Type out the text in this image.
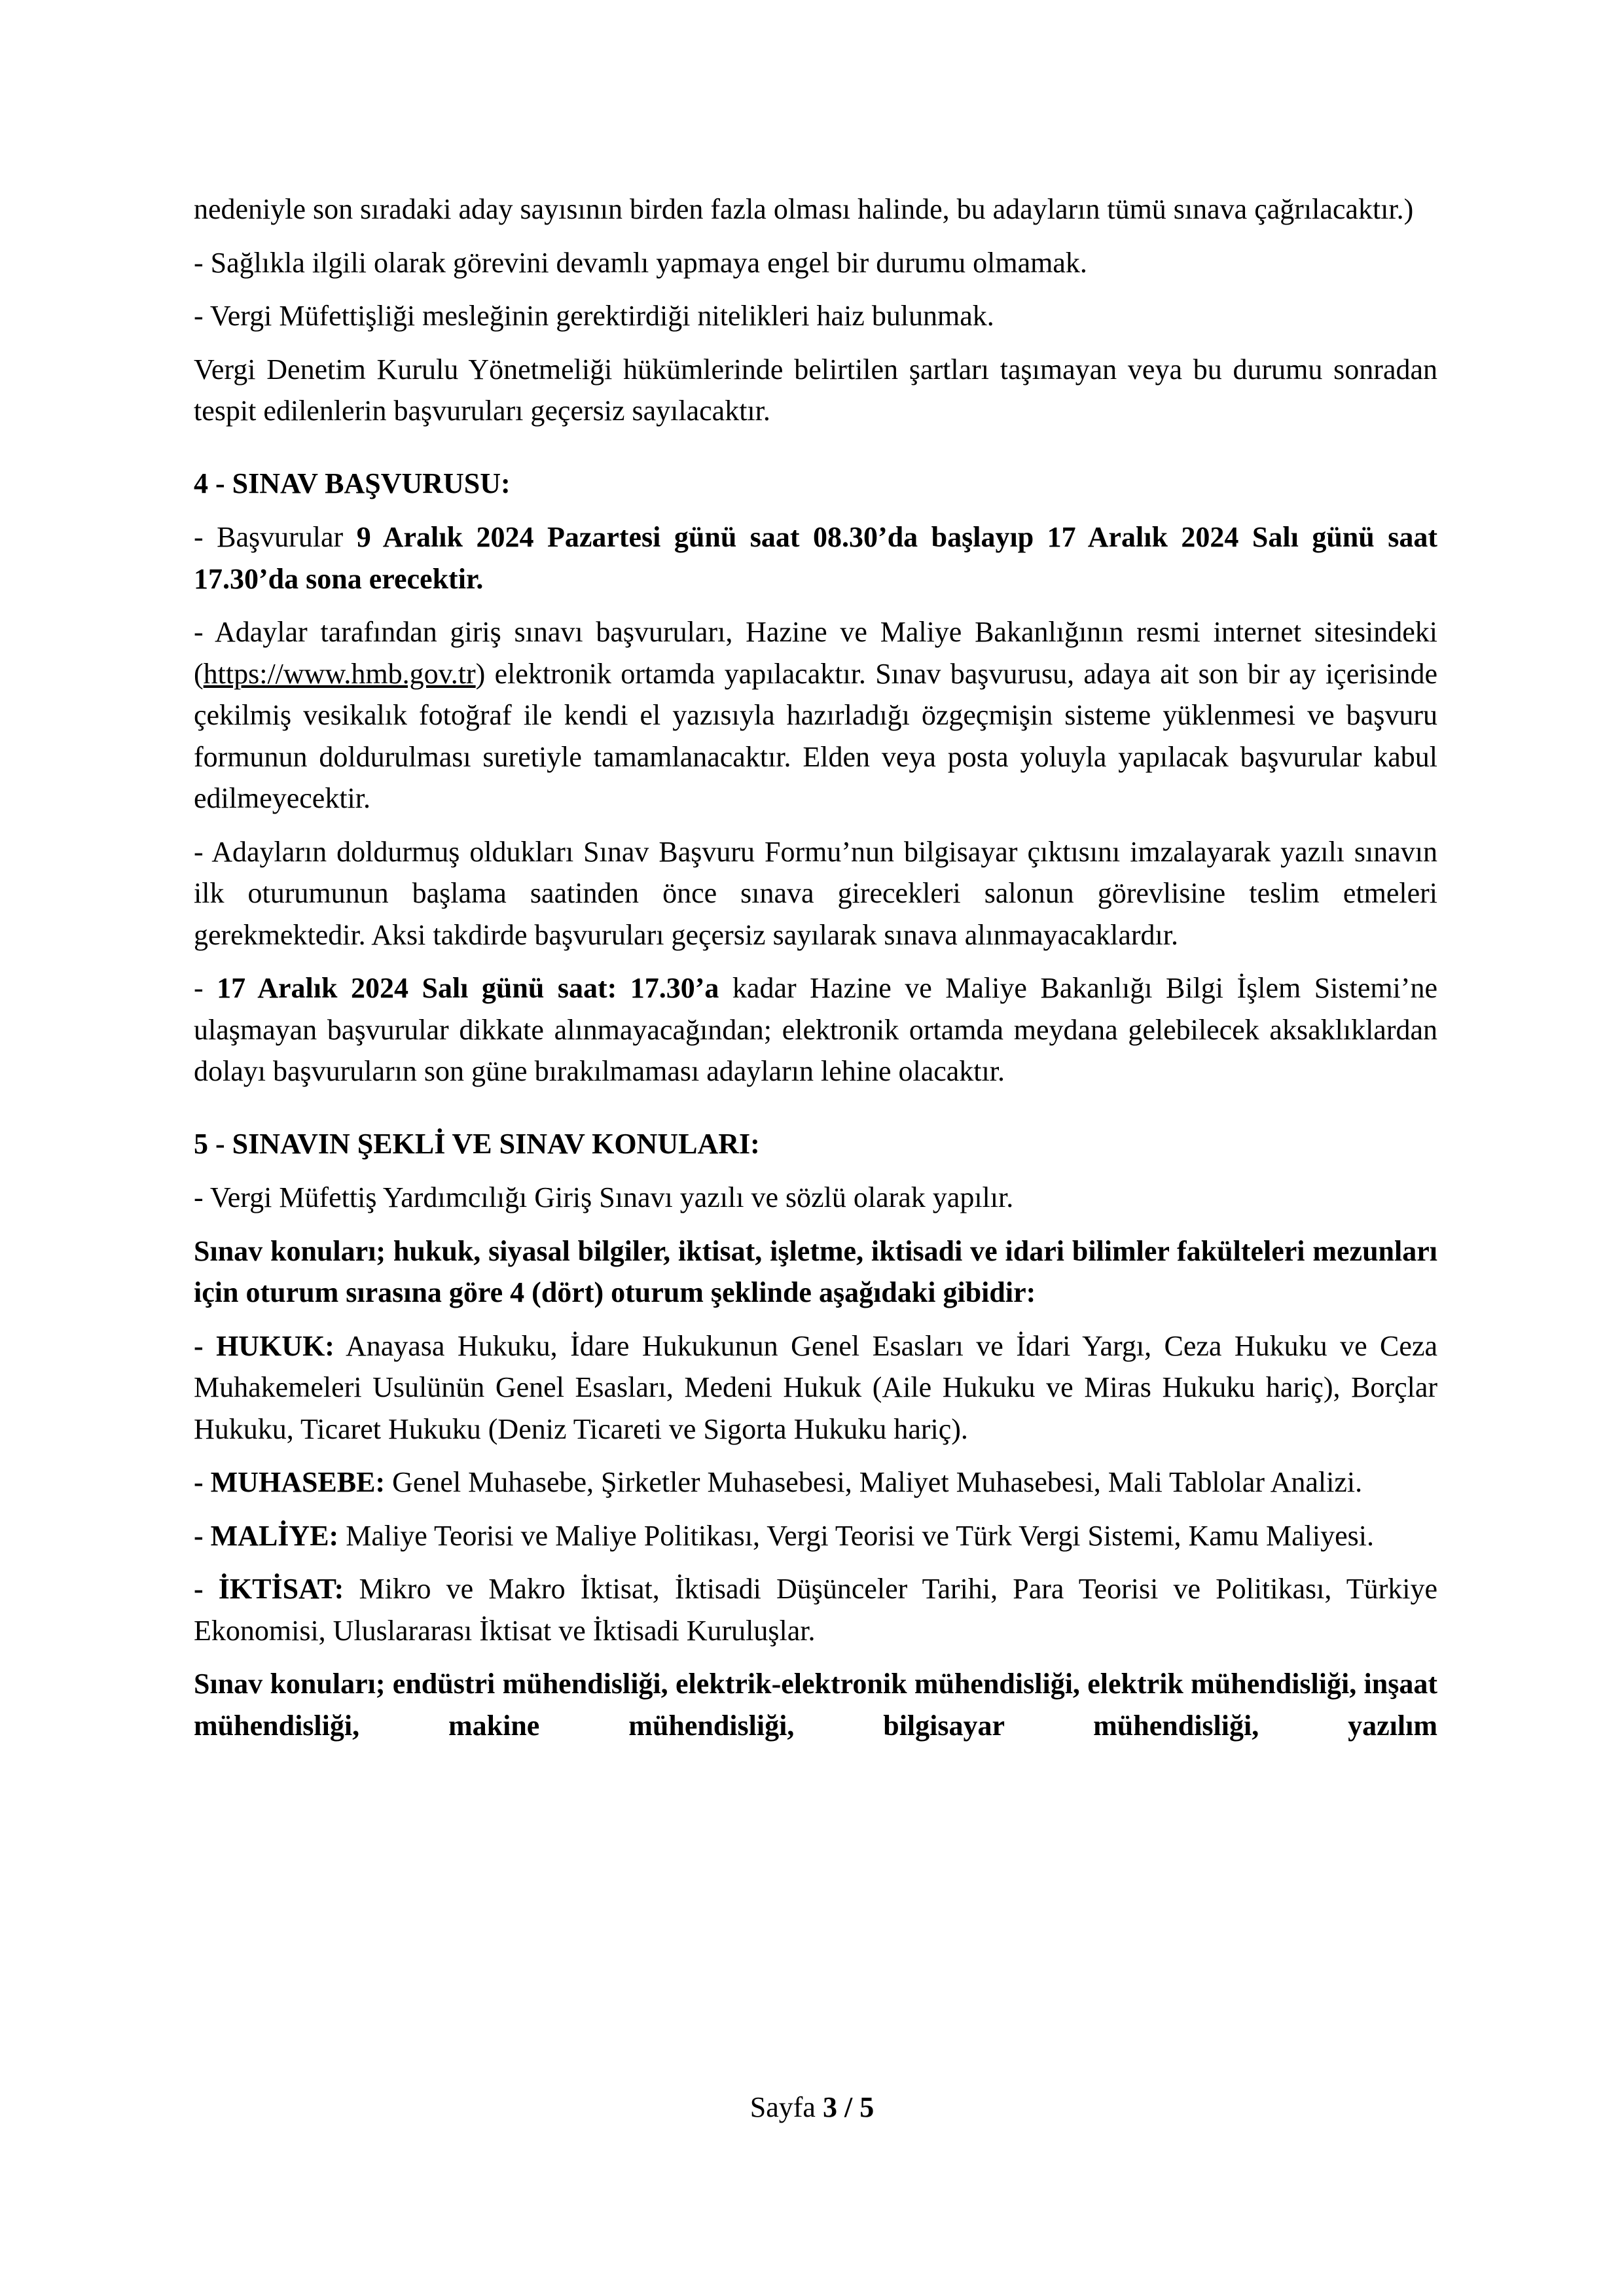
nedeniyle son sıradaki aday sayısının birden fazla olması halinde, bu adayların tümü sınava çağrılacaktır.)

- Sağlıkla ilgili olarak görevini devamlı yapmaya engel bir durumu olmamak.

- Vergi Müfettişliği mesleğinin gerektirdiği nitelikleri haiz bulunmak.

Vergi Denetim Kurulu Yönetmeliği hükümlerinde belirtilen şartları taşımayan veya bu durumu sonradan tespit edilenlerin başvuruları geçersiz sayılacaktır.

4 - SINAV BAŞVURUSU:

- Başvurular 9 Aralık 2024 Pazartesi günü saat 08.30’da başlayıp 17 Aralık 2024 Salı günü saat 17.30’da sona erecektir.

- Adaylar tarafından giriş sınavı başvuruları, Hazine ve Maliye Bakanlığının resmi internet sitesindeki (https://www.hmb.gov.tr) elektronik ortamda yapılacaktır. Sınav başvurusu, adaya ait son bir ay içerisinde çekilmiş vesikalık fotoğraf ile kendi el yazısıyla hazırladığı özgeçmişin sisteme yüklenmesi ve başvuru formunun doldurulması suretiyle tamamlanacaktır. Elden veya posta yoluyla yapılacak başvurular kabul edilmeyecektir.

- Adayların doldurmuş oldukları Sınav Başvuru Formu’nun bilgisayar çıktısını imzalayarak yazılı sınavın ilk oturumunun başlama saatinden önce sınava girecekleri salonun görevlisine teslim etmeleri gerekmektedir. Aksi takdirde başvuruları geçersiz sayılarak sınava alınmayacaklardır.

- 17 Aralık 2024 Salı günü saat: 17.30’a kadar Hazine ve Maliye Bakanlığı Bilgi İşlem Sistemi’ne ulaşmayan başvurular dikkate alınmayacağından; elektronik ortamda meydana gelebilecek aksaklıklardan dolayı başvuruların son güne bırakılmaması adayların lehine olacaktır.

5 - SINAVIN ŞEKLİ VE SINAV KONULARI:

- Vergi Müfettiş Yardımcılığı Giriş Sınavı yazılı ve sözlü olarak yapılır.

Sınav konuları; hukuk, siyasal bilgiler, iktisat, işletme, iktisadi ve idari bilimler fakülteleri mezunları için oturum sırasına göre 4 (dört) oturum şeklinde aşağıdaki gibidir:

- HUKUK: Anayasa Hukuku, İdare Hukukunun Genel Esasları ve İdari Yargı, Ceza Hukuku ve Ceza Muhakemeleri Usulünün Genel Esasları, Medeni Hukuk (Aile Hukuku ve Miras Hukuku hariç), Borçlar Hukuku, Ticaret Hukuku (Deniz Ticareti ve Sigorta Hukuku hariç).

- MUHASEBE: Genel Muhasebe, Şirketler Muhasebesi, Maliyet Muhasebesi, Mali Tablolar Analizi.

- MALİYE: Maliye Teorisi ve Maliye Politikası, Vergi Teorisi ve Türk Vergi Sistemi, Kamu Maliyesi.

- İKTİSAT: Mikro ve Makro İktisat, İktisadi Düşünceler Tarihi, Para Teorisi ve Politikası, Türkiye Ekonomisi, Uluslararası İktisat ve İktisadi Kuruluşlar.

Sınav konuları; endüstri mühendisliği, elektrik-elektronik mühendisliği, elektrik mühendisliği, inşaat mühendisliği, makine mühendisliği, bilgisayar mühendisliği, yazılım

Sayfa 3 / 5
